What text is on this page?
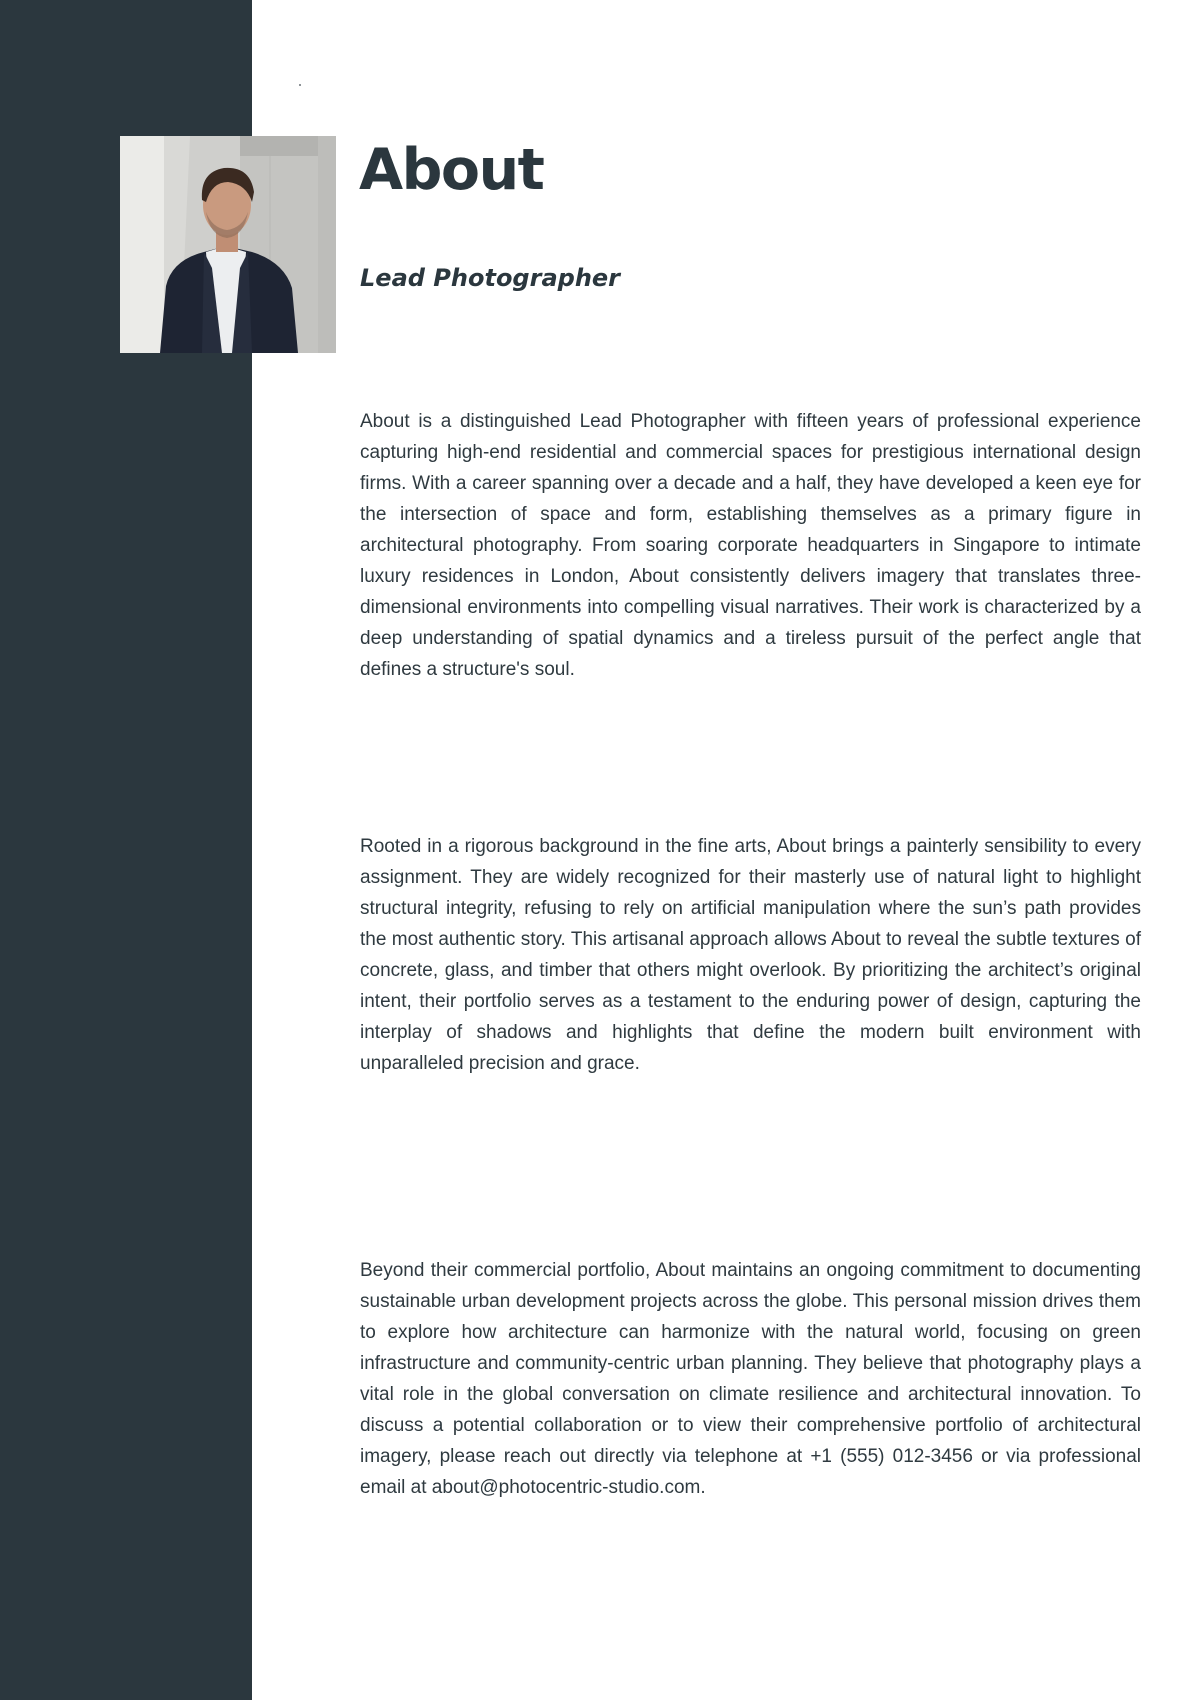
About
Lead Photographer

About is a distinguished Lead Photographer with fifteen years of professional experience capturing high-end residential and commercial spaces for prestigious international design firms. With a career spanning over a decade and a half, they have developed a keen eye for the intersection of space and form, establishing themselves as a primary figure in architectural photography. From soaring corporate headquarters in Singapore to intimate luxury residences in London, About consistently delivers imagery that translates three-dimensional environments into compelling visual narratives. Their work is characterized by a deep understanding of spatial dynamics and a tireless pursuit of the perfect angle that defines a structure's soul.

Rooted in a rigorous background in the fine arts, About brings a painterly sensibility to every assignment. They are widely recognized for their masterly use of natural light to highlight structural integrity, refusing to rely on artificial manipulation where the sun’s path provides the most authentic story. This artisanal approach allows About to reveal the subtle textures of concrete, glass, and timber that others might overlook. By prioritizing the architect’s original intent, their portfolio serves as a testament to the enduring power of design, capturing the interplay of shadows and highlights that define the modern built environment with unparalleled precision and grace.

Beyond their commercial portfolio, About maintains an ongoing commitment to documenting sustainable urban development projects across the globe. This personal mission drives them to explore how architecture can harmonize with the natural world, focusing on green infrastructure and community-centric urban planning. They believe that photography plays a vital role in the global conversation on climate resilience and architectural innovation. To discuss a potential collaboration or to view their comprehensive portfolio of architectural imagery, please reach out directly via telephone at +1 (555) 012-3456 or via professional email at about@photocentric-studio.com.
